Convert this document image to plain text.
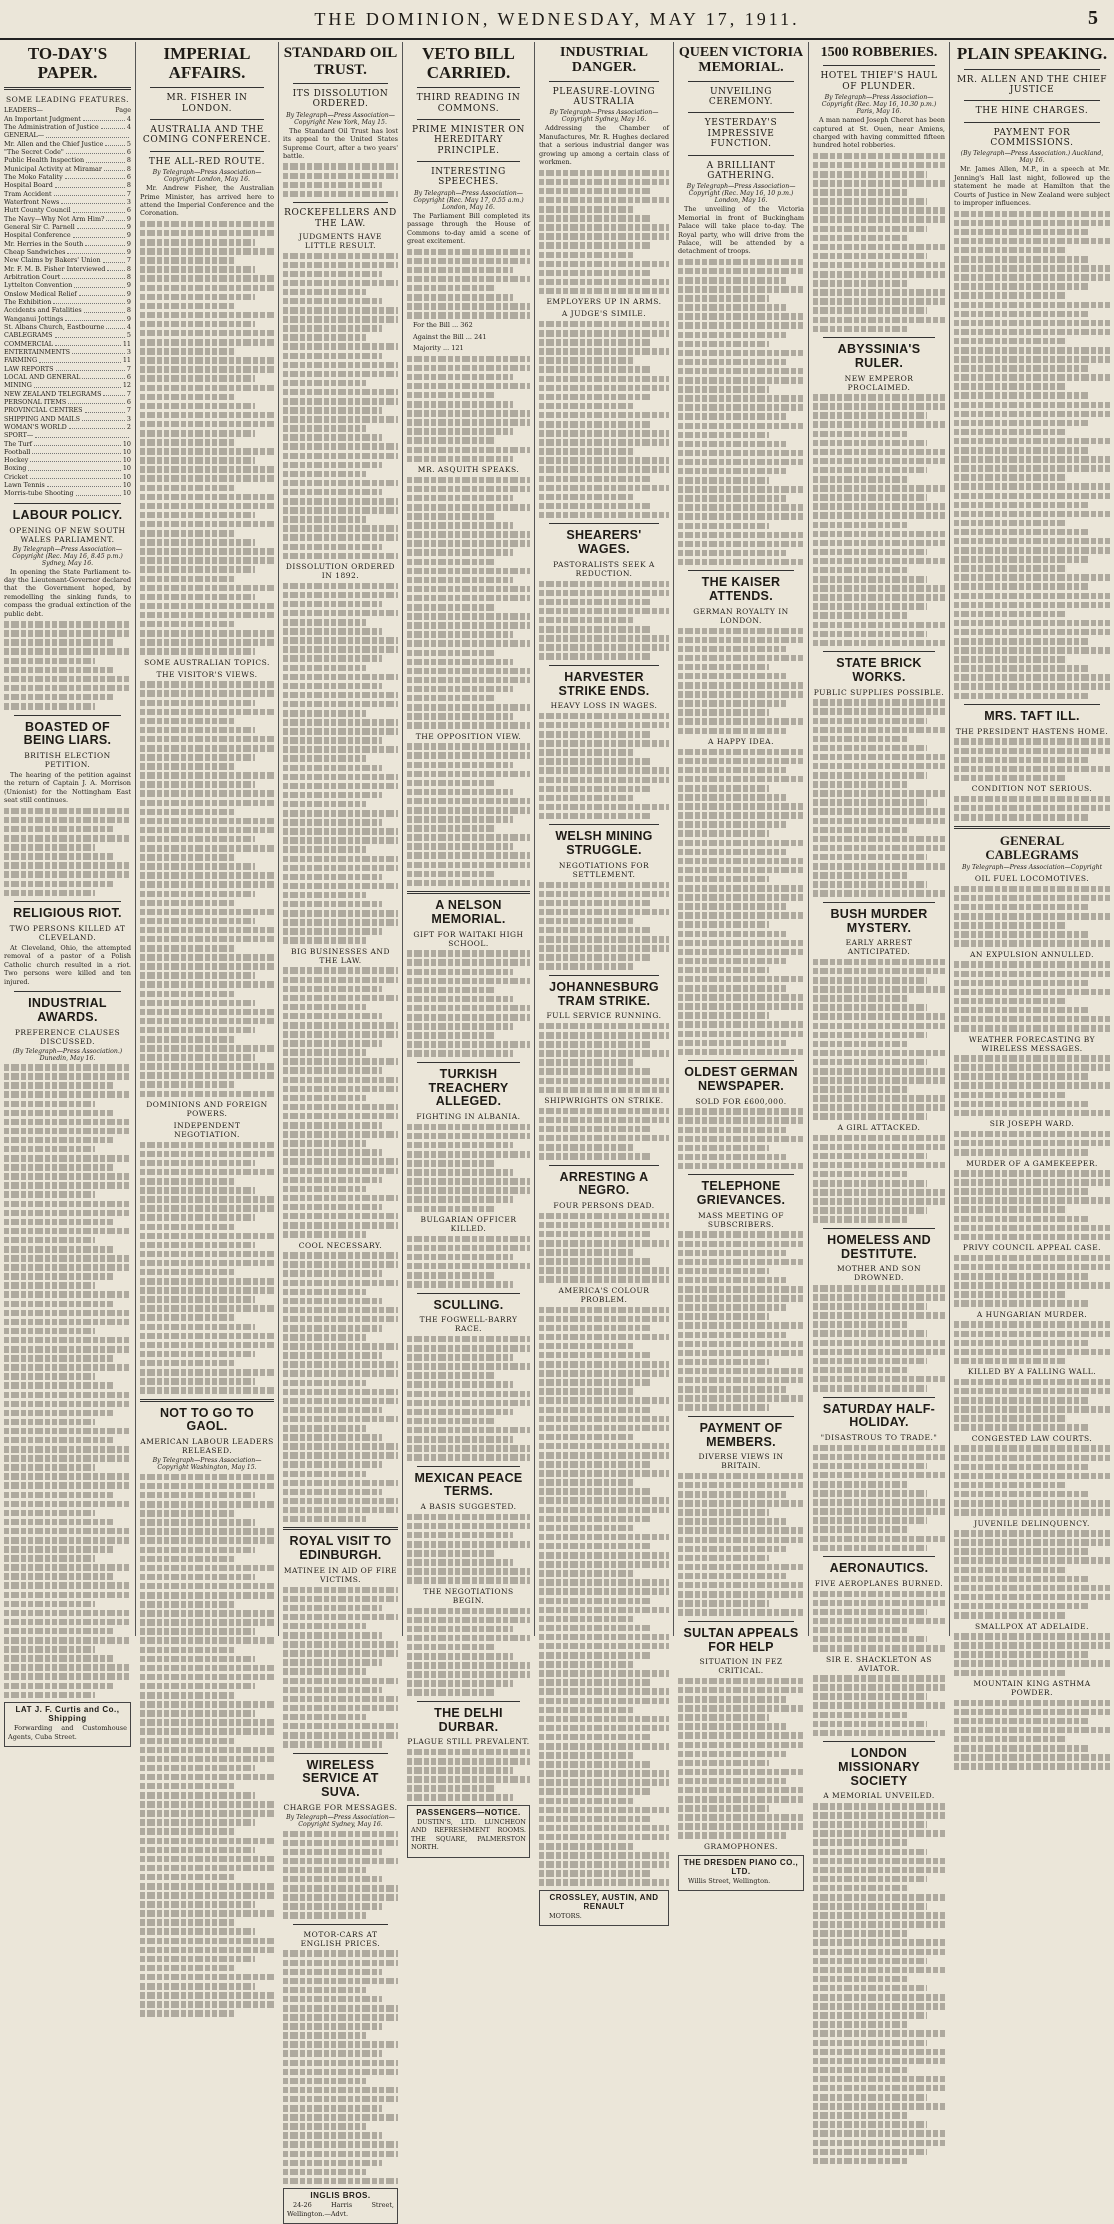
THE DOMINION, WEDNESDAY, MAY 17, 1911.	5
TO-DAY'S PAPER.
SOME LEADING FEATURES.
LEADERS—	Page
An Important Judgment	4
The Administration of Justice	4
GENERAL—
Mr. Allen and the Chief Justice	5
"The Secret Code"	6
Public Health Inspection	8
Municipal Activity at Miramar	8
The Moko Fatality	6
Hospital Board	8
Tram Accident	7
Waterfront News	3
Hutt County Council	6
The Navy—Why Not Arm Him?	9
General Sir C. Parnell	9
Hospital Conference	9
Mr. Herries in the South	9
Cheap Sandwiches	9
New Claims by Bakers' Union	7
Mr. F. M. B. Fisher Interviewed	8
Arbitration Court	8
Lyttelton Convention	9
Onslow Medical Relief	9
The Exhibition	9
Accidents and Fatalities	8
Wanganui Jottings	9
St. Albans Church, Eastbourne	4
CABLEGRAMS	5
COMMERCIAL	11
ENTERTAINMENTS	3
FARMING	11
LAW REPORTS	7
LOCAL AND GENERAL	6
MINING	12
NEW ZEALAND TELEGRAMS	7
PERSONAL ITEMS	6
PROVINCIAL CENTRES	7
SHIPPING AND MAILS	3
WOMAN'S WORLD	2
SPORT—
The Turf	10
Football	10
Hockey	10
Boxing	10
Cricket	10
Lawn Tennis	10
Morris-tube Shooting	10
LABOUR POLICY.
OPENING OF NEW SOUTH WALES PARLIAMENT.
By Telegraph—Press Association—Copyright (Rec. May 16, 8.45 p.m.) Sydney, May 16.
In opening the State Parliament to-day the Lieutenant-Governor declared that the Government hoped, by remodelling the sinking funds, to compass the gradual extinction of the public debt.
BOASTED OF BEING LIARS.
BRITISH ELECTION PETITION.
The hearing of the petition against the return of Captain J. A. Morrison (Unionist) for the Nottingham East seat still continues.
RELIGIOUS RIOT.
TWO PERSONS KILLED AT CLEVELAND.
At Cleveland, Ohio, the attempted removal of a pastor of a Polish Catholic church resulted in a riot. Two persons were killed and ten injured.
INDUSTRIAL AWARDS.
PREFERENCE CLAUSES DISCUSSED.
(By Telegraph—Press Association.) Dunedin, May 16.
LAT J. F. Curtis and Co., Shipping
Forwarding and Customhouse Agents, Cuba Street.
IMPERIAL AFFAIRS.
MR. FISHER IN LONDON.
AUSTRALIA AND THE COMING CONFERENCE.
THE ALL-RED ROUTE.
By Telegraph—Press Association—Copyright London, May 16.
Mr. Andrew Fisher, the Australian Prime Minister, has arrived here to attend the Imperial Conference and the Coronation.
SOME AUSTRALIAN TOPICS.
THE VISITOR'S VIEWS.
DOMINIONS AND FOREIGN POWERS.
INDEPENDENT NEGOTIATION.
NOT TO GO TO GAOL.
AMERICAN LABOUR LEADERS RELEASED.
By Telegraph—Press Association—Copyright Washington, May 15.
STANDARD OIL TRUST.
ITS DISSOLUTION ORDERED.
By Telegraph—Press Association—Copyright New York, May 15.
The Standard Oil Trust has lost its appeal to the United States Supreme Court, after a two years' battle.
ROCKEFELLERS AND THE LAW.
JUDGMENTS HAVE LITTLE RESULT.
DISSOLUTION ORDERED IN 1892.
BIG BUSINESSES AND THE LAW.
COOL NECESSARY.
ROYAL VISIT TO EDINBURGH.
MATINEE IN AID OF FIRE VICTIMS.
WIRELESS SERVICE AT SUVA.
CHARGE FOR MESSAGES.
By Telegraph—Press Association—Copyright Sydney, May 16.
MOTOR-CARS AT ENGLISH PRICES.
INGLIS BROS.
24-26 Harris Street, Wellington.—Advt.
VETO BILL CARRIED.
THIRD READING IN COMMONS.
PRIME MINISTER ON HEREDITARY PRINCIPLE.
INTERESTING SPEECHES.
By Telegraph—Press Association—Copyright (Rec. May 17, 0.55 a.m.) London, May 16.
The Parliament Bill completed its passage through the House of Commons to-day amid a scene of great excitement.
For the Bill ... 362
Against the Bill ... 241
Majority ... 121
MR. ASQUITH SPEAKS.
THE OPPOSITION VIEW.
A NELSON MEMORIAL.
GIFT FOR WAITAKI HIGH SCHOOL.
TURKISH TREACHERY ALLEGED.
FIGHTING IN ALBANIA.
BULGARIAN OFFICER KILLED.
SCULLING.
THE FOGWELL-BARRY RACE.
MEXICAN PEACE TERMS.
A BASIS SUGGESTED.
THE NEGOTIATIONS BEGIN.
THE DELHI DURBAR.
PLAGUE STILL PREVALENT.
PASSENGERS—NOTICE.
DUSTIN'S, LTD. LUNCHEON AND REFRESHMENT ROOMS. THE SQUARE, PALMERSTON NORTH.
INDUSTRIAL DANGER.
PLEASURE-LOVING AUSTRALIA
By Telegraph—Press Association—Copyright Sydney, May 16.
Addressing the Chamber of Manufactures, Mr. R. Hughes declared that a serious industrial danger was growing up among a certain class of workmen.
EMPLOYERS UP IN ARMS.
A JUDGE'S SIMILE.
SHEARERS' WAGES.
PASTORALISTS SEEK A REDUCTION.
HARVESTER STRIKE ENDS.
HEAVY LOSS IN WAGES.
WELSH MINING STRUGGLE.
NEGOTIATIONS FOR SETTLEMENT.
JOHANNESBURG TRAM STRIKE.
FULL SERVICE RUNNING.
SHIPWRIGHTS ON STRIKE.
ARRESTING A NEGRO.
FOUR PERSONS DEAD.
AMERICA'S COLOUR PROBLEM.
CROSSLEY, AUSTIN, AND RENAULT
MOTORS.
QUEEN VICTORIA MEMORIAL.
UNVEILING CEREMONY.
YESTERDAY'S IMPRESSIVE FUNCTION.
A BRILLIANT GATHERING.
By Telegraph—Press Association—Copyright (Rec. May 16, 10 p.m.) London, May 16.
The unveiling of the Victoria Memorial in front of Buckingham Palace will take place to-day. The Royal party, who will drive from the Palace, will be attended by a detachment of troops.
THE KAISER ATTENDS.
GERMAN ROYALTY IN LONDON.
A HAPPY IDEA.
OLDEST GERMAN NEWSPAPER.
SOLD FOR £600,000.
TELEPHONE GRIEVANCES.
MASS MEETING OF SUBSCRIBERS.
PAYMENT OF MEMBERS.
DIVERSE VIEWS IN BRITAIN.
SULTAN APPEALS FOR HELP
SITUATION IN FEZ CRITICAL.
GRAMOPHONES.
THE DRESDEN PIANO CO., LTD.
Willis Street, Wellington.
1500 ROBBERIES.
HOTEL THIEF'S HAUL OF PLUNDER.
By Telegraph—Press Association—Copyright (Rec. May 16, 10.30 p.m.) Paris, May 16.
A man named Joseph Cheret has been captured at St. Ouen, near Amiens, charged with having committed fifteen hundred hotel robberies.
ABYSSINIA'S RULER.
NEW EMPEROR PROCLAIMED.
STATE BRICK WORKS.
PUBLIC SUPPLIES POSSIBLE.
BUSH MURDER MYSTERY.
EARLY ARREST ANTICIPATED.
A GIRL ATTACKED.
HOMELESS AND DESTITUTE.
MOTHER AND SON DROWNED.
SATURDAY HALF-HOLIDAY.
"DISASTROUS TO TRADE."
AERONAUTICS.
FIVE AEROPLANES BURNED.
SIR E. SHACKLETON AS AVIATOR.
LONDON MISSIONARY SOCIETY
A MEMORIAL UNVEILED.
PLAIN SPEAKING.
MR. ALLEN AND THE CHIEF JUSTICE
THE HINE CHARGES.
PAYMENT FOR COMMISSIONS.
(By Telegraph—Press Association.) Auckland, May 16.
Mr. James Allen, M.P., in a speech at Mr. Jenning's Hall last night, followed up the statement he made at Hamilton that the Courts of Justice in New Zealand were subject to improper influences.
MRS. TAFT ILL.
THE PRESIDENT HASTENS HOME.
CONDITION NOT SERIOUS.
GENERAL CABLEGRAMS
By Telegraph—Press Association—Copyright
OIL FUEL LOCOMOTIVES.
AN EXPULSION ANNULLED.
WEATHER FORECASTING BY WIRELESS MESSAGES.
SIR JOSEPH WARD.
MURDER OF A GAMEKEEPER.
PRIVY COUNCIL APPEAL CASE.
A HUNGARIAN MURDER.
KILLED BY A FALLING WALL.
CONGESTED LAW COURTS.
JUVENILE DELINQUENCY.
SMALLPOX AT ADELAIDE.
MOUNTAIN KING ASTHMA POWDER.
